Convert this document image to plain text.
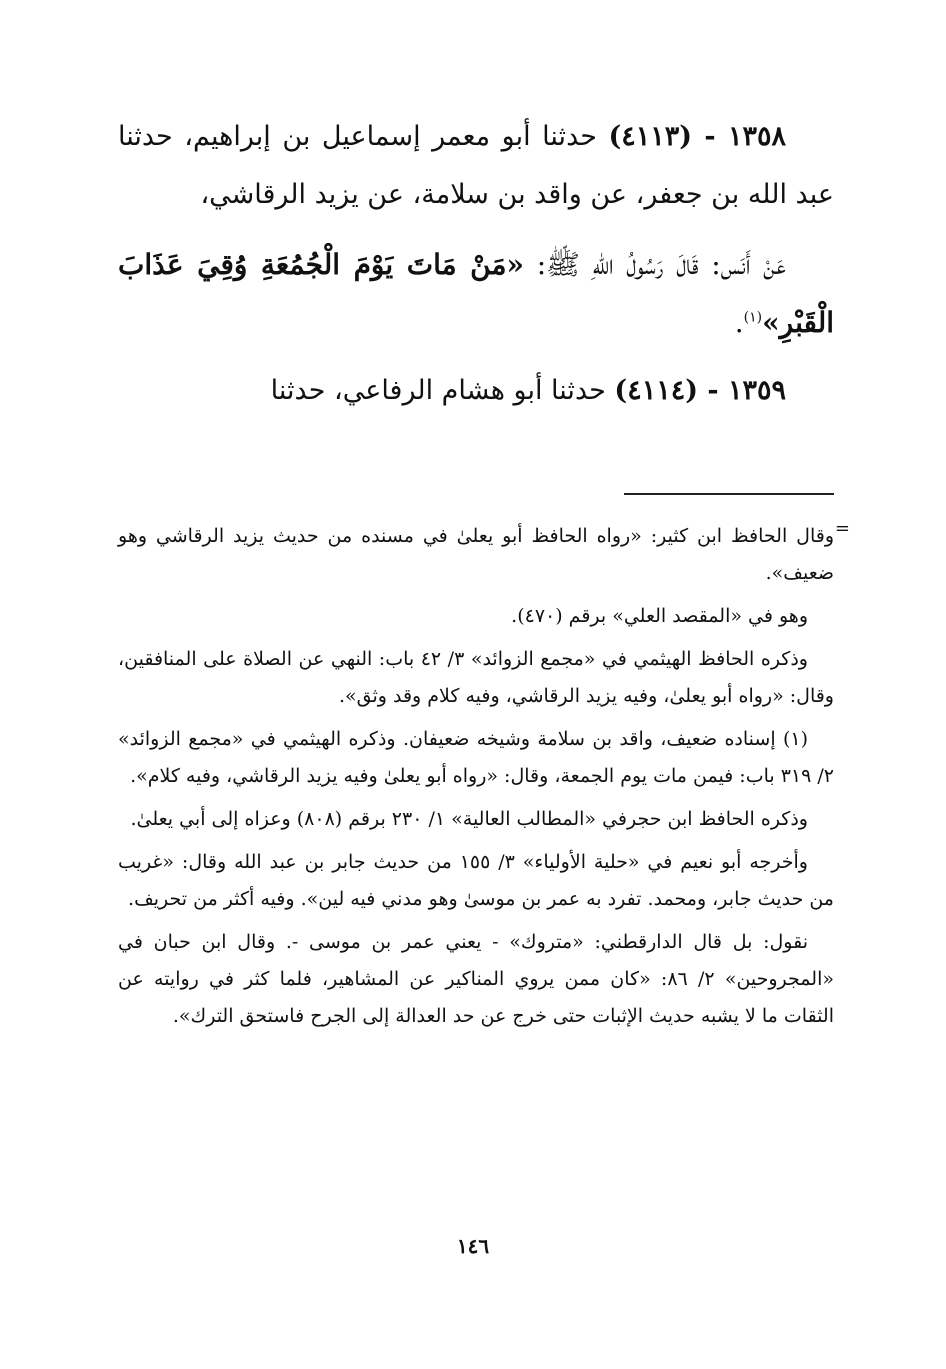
١٣٥٨ - (٤١١٣) حدثنا أبو معمر إسماعيل بن إبراهيم، حدثنا عبد الله بن جعفر، عن واقد بن سلامة، عن يزيد الرقاشي،

عَنْ أَنَس: قَالَ رَسُولُ اللهِ ﷺ: «مَنْ مَاتَ يَوْمَ الْجُمُعَةِ وُقِيَ عَذَابَ الْقَبْرِ»$^{(١)}$.

١٣٥٩ - (٤١١٤) حدثنا أبو هشام الرفاعي، حدثنا

=

وقال الحافظ ابن كثير: «رواه الحافظ أبو يعلىٰ في مسنده من حديث يزيد الرقاشي وهو ضعيف».

وهو في «المقصد العلي» برقم (٤٧٠).

وذكره الحافظ الهيثمي في «مجمع الزوائد» ٣/ ٤٢ باب: النهي عن الصلاة على المنافقين، وقال: «رواه أبو يعلىٰ، وفيه يزيد الرقاشي، وفيه كلام وقد وثق».

(١) إسناده ضعيف، واقد بن سلامة وشيخه ضعيفان. وذكره الهيثمي في «مجمع الزوائد» ٢/ ٣١٩ باب: فيمن مات يوم الجمعة، وقال: «رواه أبو يعلىٰ وفيه يزيد الرقاشي، وفيه كلام».

وذكره الحافظ ابن حجرفي «المطالب العالية» ١/ ٢٣٠ برقم (٨٠٨) وعزاه إلى أبي يعلىٰ.

وأخرجه أبو نعيم في «حلية الأولياء» ٣/ ١٥٥ من حديث جابر بن عبد الله وقال: «غريب من حديث جابر، ومحمد. تفرد به عمر بن موسىٰ وهو مدني فيه لين». وفيه أكثر من تحريف.

نقول: بل قال الدارقطني: «متروك» - يعني عمر بن موسى -. وقال ابن حبان في «المجروحين» ٢/ ٨٦: «كان ممن يروي المناكير عن المشاهير، فلما كثر في روايته عن الثقات ما لا يشبه حديث الإثبات حتى خرج عن حد العدالة إلى الجرح فاستحق الترك».

١٤٦
